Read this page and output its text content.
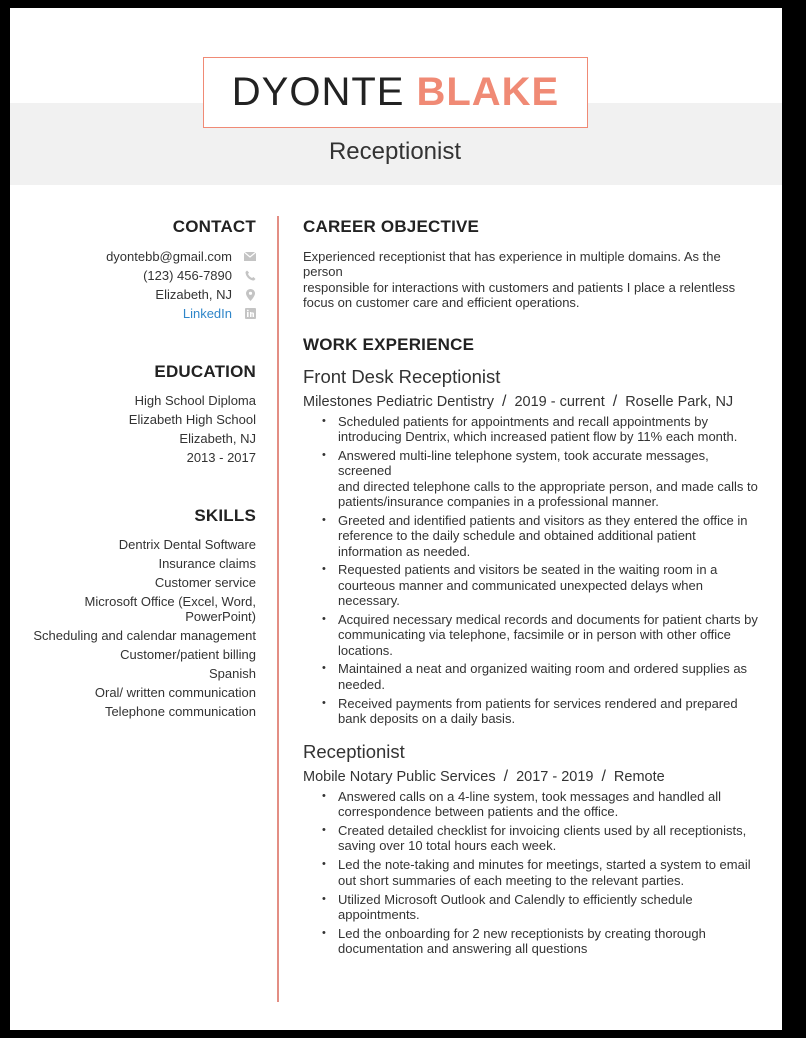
DYONTE BLAKE
Receptionist
CONTACT
dyontebb@gmail.com
(123) 456-7890
Elizabeth, NJ
LinkedIn
EDUCATION
High School Diploma
Elizabeth High School
Elizabeth, NJ
2013 - 2017
SKILLS
Dentrix Dental Software
Insurance claims
Customer service
Microsoft Office (Excel, Word,
PowerPoint)
Scheduling and calendar management
Customer/patient billing
Spanish
Oral/ written communication
Telephone communication
CAREER OBJECTIVE
Experienced receptionist that has experience in multiple domains. As the person
responsible for interactions with customers and patients I place a relentless
focus on customer care and efficient operations.
WORK EXPERIENCE
Front Desk Receptionist
Milestones Pediatric Dentistry / 2019 - current / Roselle Park, NJ
• Scheduled patients for appointments and recall appointments by
introducing Dentrix, which increased patient flow by 11% each month.
• Answered multi-line telephone system, took accurate messages, screened
and directed telephone calls to the appropriate person, and made calls to
patients/insurance companies in a professional manner.
• Greeted and identified patients and visitors as they entered the office in
reference to the daily schedule and obtained additional patient
information as needed.
• Requested patients and visitors be seated in the waiting room in a
courteous manner and communicated unexpected delays when
necessary.
• Acquired necessary medical records and documents for patient charts by
communicating via telephone, facsimile or in person with other office
locations.
• Maintained a neat and organized waiting room and ordered supplies as
needed.
• Received payments from patients for services rendered and prepared
bank deposits on a daily basis.
Receptionist
Mobile Notary Public Services / 2017 - 2019 / Remote
• Answered calls on a 4-line system, took messages and handled all
correspondence between patients and the office.
• Created detailed checklist for invoicing clients used by all receptionists,
saving over 10 total hours each week.
• Led the note-taking and minutes for meetings, started a system to email
out short summaries of each meeting to the relevant parties.
• Utilized Microsoft Outlook and Calendly to efficiently schedule
appointments.
• Led the onboarding for 2 new receptionists by creating thorough
documentation and answering all questions
